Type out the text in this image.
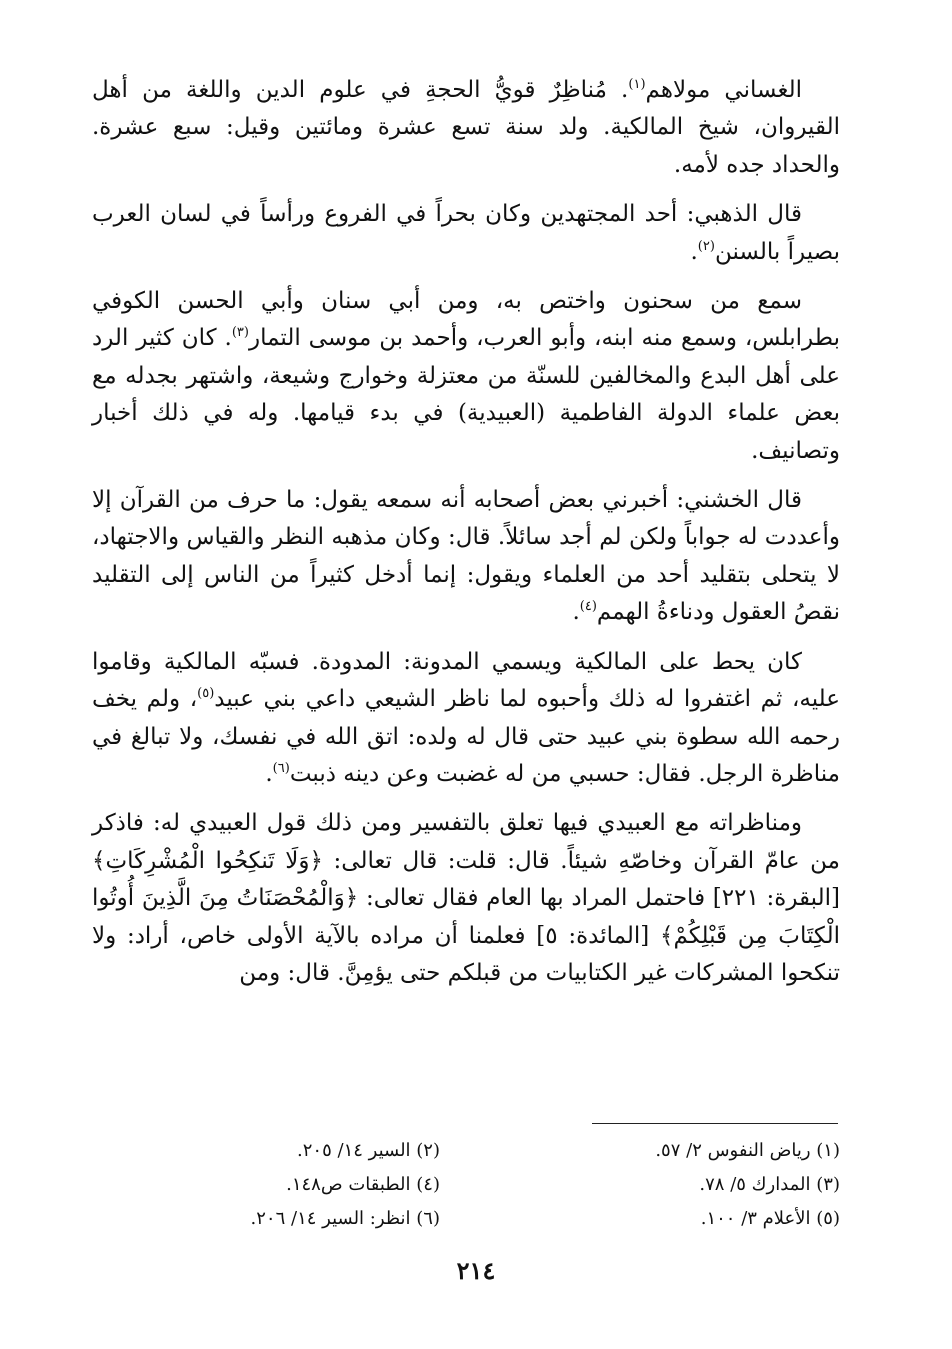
الغساني مولاهم$^{(١)}$. مُناظِرٌ قويُّ الحجةِ في علوم الدين واللغة من أهل القيروان، شيخ المالكية. ولد سنة تسع عشرة ومائتين وقيل: سبع عشرة. والحداد جده لأمه.

قال الذهبي: أحد المجتهدين وكان بحراً في الفروع ورأساً في لسان العرب بصيراً بالسنن$^{(٢)}$.

سمع من سحنون واختص به، ومن أبي سنان وأبي الحسن الكوفي بطرابلس، وسمع منه ابنه، وأبو العرب، وأحمد بن موسى التمار$^{(٣)}$. كان كثير الرد على أهل البدع والمخالفين للسنّة من معتزلة وخوارج وشيعة، واشتهر بجدله مع بعض علماء الدولة الفاطمية (العبيدية) في بدء قيامها. وله في ذلك أخبار وتصانيف.

قال الخشني: أخبرني بعض أصحابه أنه سمعه يقول: ما حرف من القرآن إلا وأعددت له جواباً ولكن لم أجد سائلاً. قال: وكان مذهبه النظر والقياس والاجتهاد، لا يتحلى بتقليد أحد من العلماء ويقول: إنما أدخل كثيراً من الناس إلى التقليد نقصُ العقول ودناءةُ الهمم$^{(٤)}$.

كان يحط على المالكية ويسمي المدونة: المدودة. فسبّه المالكية وقاموا عليه، ثم اغتفروا له ذلك وأحبوه لما ناظر الشيعي داعي بني عبيد$^{(٥)}$، ولم يخف رحمه الله سطوة بني عبيد حتى قال له ولده: اتق الله في نفسك، ولا تبالغ في مناظرة الرجل. فقال: حسبي من له غضبت وعن دينه ذببت$^{(٦)}$.

ومناظراته مع العبيدي فيها تعلق بالتفسير ومن ذلك قول العبيدي له: فاذكر من عامّ القرآن وخاصّهِ شيئاً. قال: قلت: قال تعالى: ﴿وَلَا تَنكِحُوا الْمُشْرِكَاتِ﴾ [البقرة: ٢٢١] فاحتمل المراد بها العام فقال تعالى: ﴿وَالْمُحْصَنَاتُ مِنَ الَّذِينَ أُوتُوا الْكِتَابَ مِن قَبْلِكُمْ﴾ [المائدة: ٥] فعلمنا أن مراده بالآية الأولى خاص، أراد: ولا تنكحوا المشركات غير الكتابيات من قبلكم حتى يؤمِنَّ. قال: ومن

(١) رياض النفوس ٢/ ٥٧.
(٢) السير ١٤/ ٢٠٥.
(٣) المدارك ٥/ ٧٨.
(٤) الطبقات ص١٤٨.
(٥) الأعلام ٣/ ١٠٠.
(٦) انظر: السير ١٤/ ٢٠٦.
٢١٤
